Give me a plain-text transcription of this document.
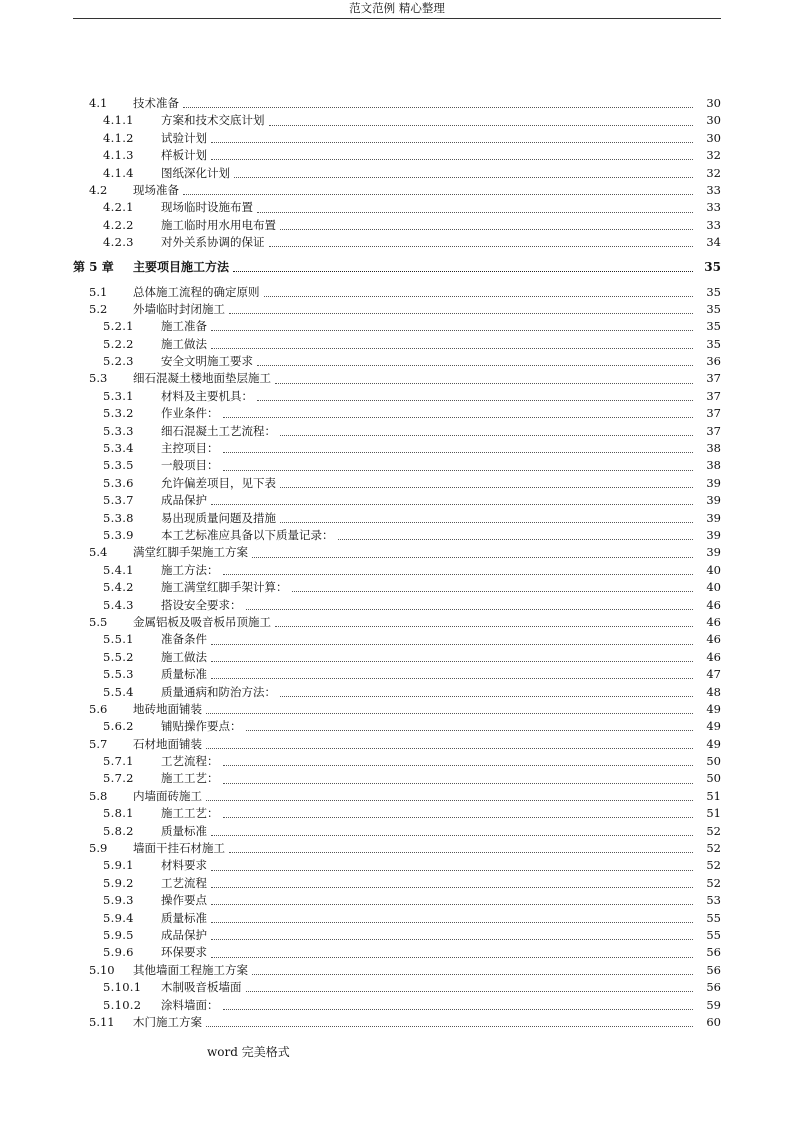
范文范例 精心整理
4.1	技术准备	30
4.1.1	方案和技术交底计划	30
4.1.2	试验计划	30
4.1.3	样板计划	32
4.1.4	图纸深化计划	32
4.2	现场准备	33
4.2.1	现场临时设施布置	33
4.2.2	施工临时用水用电布置	33
4.2.3	对外关系协调的保证	34
第 5 章	主要项目施工方法	35
5.1	总体施工流程的确定原则	35
5.2	外墙临时封闭施工	35
5.2.1	施工准备	35
5.2.2	施工做法	35
5.2.3	安全文明施工要求	36
5.3	细石混凝土楼地面垫层施工	37
5.3.1	材料及主要机具：	37
5.3.2	作业条件：	37
5.3.3	细石混凝土工艺流程：	37
5.3.4	主控项目：	38
5.3.5	一般项目：	38
5.3.6	允许偏差项目，见下表	39
5.3.7	成品保护	39
5.3.8	易出现质量问题及措施	39
5.3.9	本工艺标准应具备以下质量记录：	39
5.4	满堂红脚手架施工方案	39
5.4.1	施工方法：	40
5.4.2	施工满堂红脚手架计算：	40
5.4.3	搭设安全要求：	46
5.5	金属铝板及吸音板吊顶施工	46
5.5.1	准备条件	46
5.5.2	施工做法	46
5.5.3	质量标准	47
5.5.4	质量通病和防治方法：	48
5.6	地砖地面铺装	49
5.6.2	铺贴操作要点：	49
5.7	石材地面铺装	49
5.7.1	工艺流程：	50
5.7.2	施工工艺：	50
5.8	内墙面砖施工	51
5.8.1	施工工艺：	51
5.8.2	质量标准	52
5.9	墙面干挂石材施工	52
5.9.1	材料要求	52
5.9.2	工艺流程	52
5.9.3	操作要点	53
5.9.4	质量标准	55
5.9.5	成品保护	55
5.9.6	环保要求	56
5.10	其他墙面工程施工方案	56
5.10.1	木制吸音板墙面	56
5.10.2	涂料墙面：	59
5.11	木门施工方案	60
word 完美格式
